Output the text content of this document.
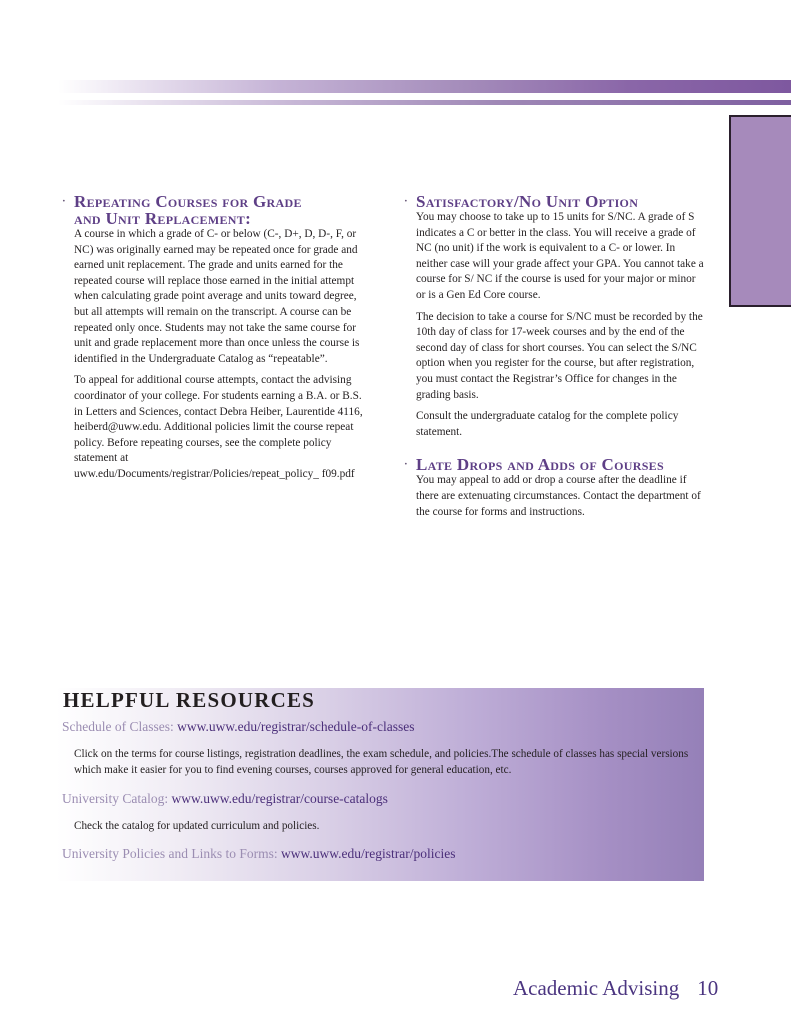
· Repeating Courses for Grade
and Unit Replacement:

A course in which a grade of C- or below (C-, D+, D, D-, F, or NC) was originally earned may be repeated once for grade and earned unit replacement. The grade and units earned for the repeated course will replace those earned in the initial attempt when calculating grade point average and units toward degree, but all attempts will remain on the transcript. A course can be repeated only once. Students may not take the same course for unit and grade replacement more than once unless the course is identified in the Undergraduate Catalog as “repeatable”.

To appeal for additional course attempts, contact the advising coordinator of your college. For students earning a B.A. or B.S. in Letters and Sciences, contact Debra Heiber, Laurentide 4116, heiberd@uww.edu. Additional policies limit the course repeat policy. Before repeating courses, see the complete policy statement at uww.edu/Documents/registrar/Policies/repeat_policy_ f09.pdf

· Satisfactory/No Unit Option

You may choose to take up to 15 units for S/NC. A grade of S indicates a C or better in the class. You will receive a grade of NC (no unit) if the work is equivalent to a C- or lower. In neither case will your grade affect your GPA. You cannot take a course for S/ NC if the course is used for your major or minor or is a Gen Ed Core course.

The decision to take a course for S/NC must be recorded by the 10th day of class for 17-week courses and by the end of the second day of class for short courses. You can select the S/NC option when you register for the course, but after registration, you must contact the Registrar’s Office for changes in the grading basis.

Consult the undergraduate catalog for the complete policy statement.

· Late Drops and Adds of Courses

You may appeal to add or drop a course after the deadline if there are extenuating circumstances. Contact the department of the course for forms and instructions.

HELPFUL RESOURCES
Schedule of Classes: www.uww.edu/registrar/schedule-of-classes
Click on the terms for course listings, registration deadlines, the exam schedule, and policies.The schedule of classes has special versions which make it easier for you to find evening courses, courses approved for general education, etc.
University Catalog: www.uww.edu/registrar/course-catalogs
Check the catalog for updated curriculum and policies.
University Policies and Links to Forms: www.uww.edu/registrar/policies
Academic Advising 10
